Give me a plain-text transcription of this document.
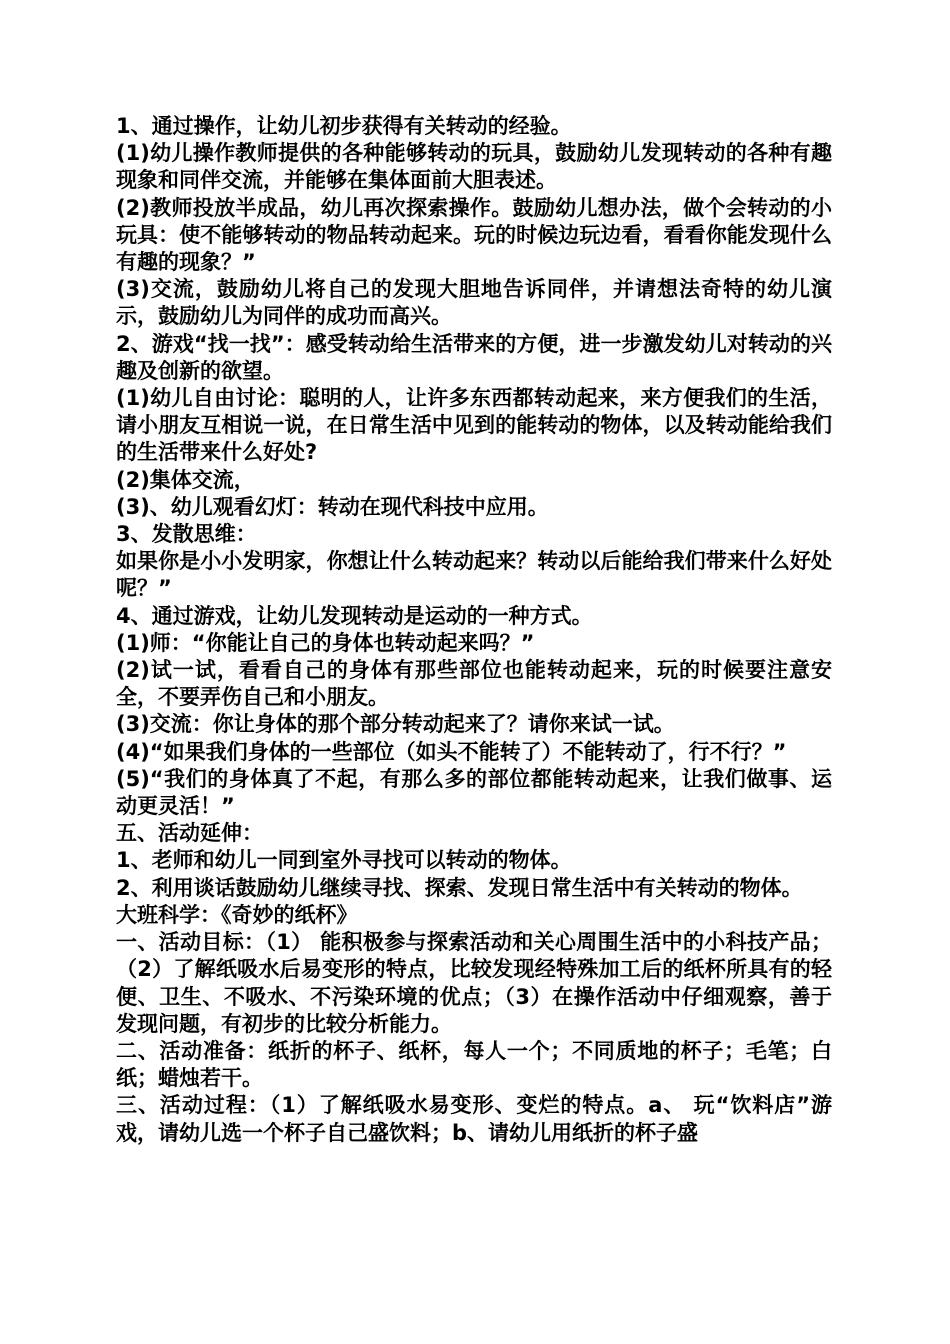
1、通过操作，让幼儿初步获得有关转动的经验。

(1)幼儿操作教师提供的各种能够转动的玩具，鼓励幼儿发现转动的各种有趣现象和同伴交流，并能够在集体面前大胆表述。

(2)教师投放半成品，幼儿再次探索操作。鼓励幼儿想办法，做个会转动的小玩具：使不能够转动的物品转动起来。玩的时候边玩边看，看看你能发现什么有趣的现象？”

(3)交流，鼓励幼儿将自己的发现大胆地告诉同伴，并请想法奇特的幼儿演示，鼓励幼儿为同伴的成功而高兴。

2、游戏“找一找”：感受转动给生活带来的方便，进一步激发幼儿对转动的兴趣及创新的欲望。

(1)幼儿自由讨论：聪明的人，让许多东西都转动起来，来方便我们的生活，请小朋友互相说一说，在日常生活中见到的能转动的物体，以及转动能给我们的生活带来什么好处?

(2)集体交流，

(3)、幼儿观看幻灯：转动在现代科技中应用。

3、发散思维：

如果你是小小发明家，你想让什么转动起来？转动以后能给我们带来什么好处呢？”

4、通过游戏，让幼儿发现转动是运动的一种方式。

(1)师：“你能让自己的身体也转动起来吗？”

(2)试一试，看看自己的身体有那些部位也能转动起来，玩的时候要注意安全，不要弄伤自己和小朋友。

(3)交流：你让身体的那个部分转动起来了？请你来试一试。

(4)“如果我们身体的一些部位（如头不能转了）不能转动了，行不行？”

(5)“我们的身体真了不起，有那么多的部位都能转动起来，让我们做事、运动更灵活！”

五、活动延伸：

1、老师和幼儿一同到室外寻找可以转动的物体。

2、利用谈话鼓励幼儿继续寻找、探索、发现日常生活中有关转动的物体。

大班科学：《奇妙的纸杯》

一、活动目标：（1） 能积极参与探索活动和关心周围生活中的小科技产品；（2）了解纸吸水后易变形的特点，比较发现经特殊加工后的纸杯所具有的轻便、卫生、不吸水、不污染环境的优点；（3）在操作活动中仔细观察，善于发现问题，有初步的比较分析能力。

二、活动准备：纸折的杯子、纸杯，每人一个；不同质地的杯子；毛笔；白纸；蜡烛若干。

三、活动过程：（1）了解纸吸水易变形、变烂的特点。a、 玩“饮料店”游戏，请幼儿选一个杯子自己盛饮料；b、请幼儿用纸折的杯子盛
